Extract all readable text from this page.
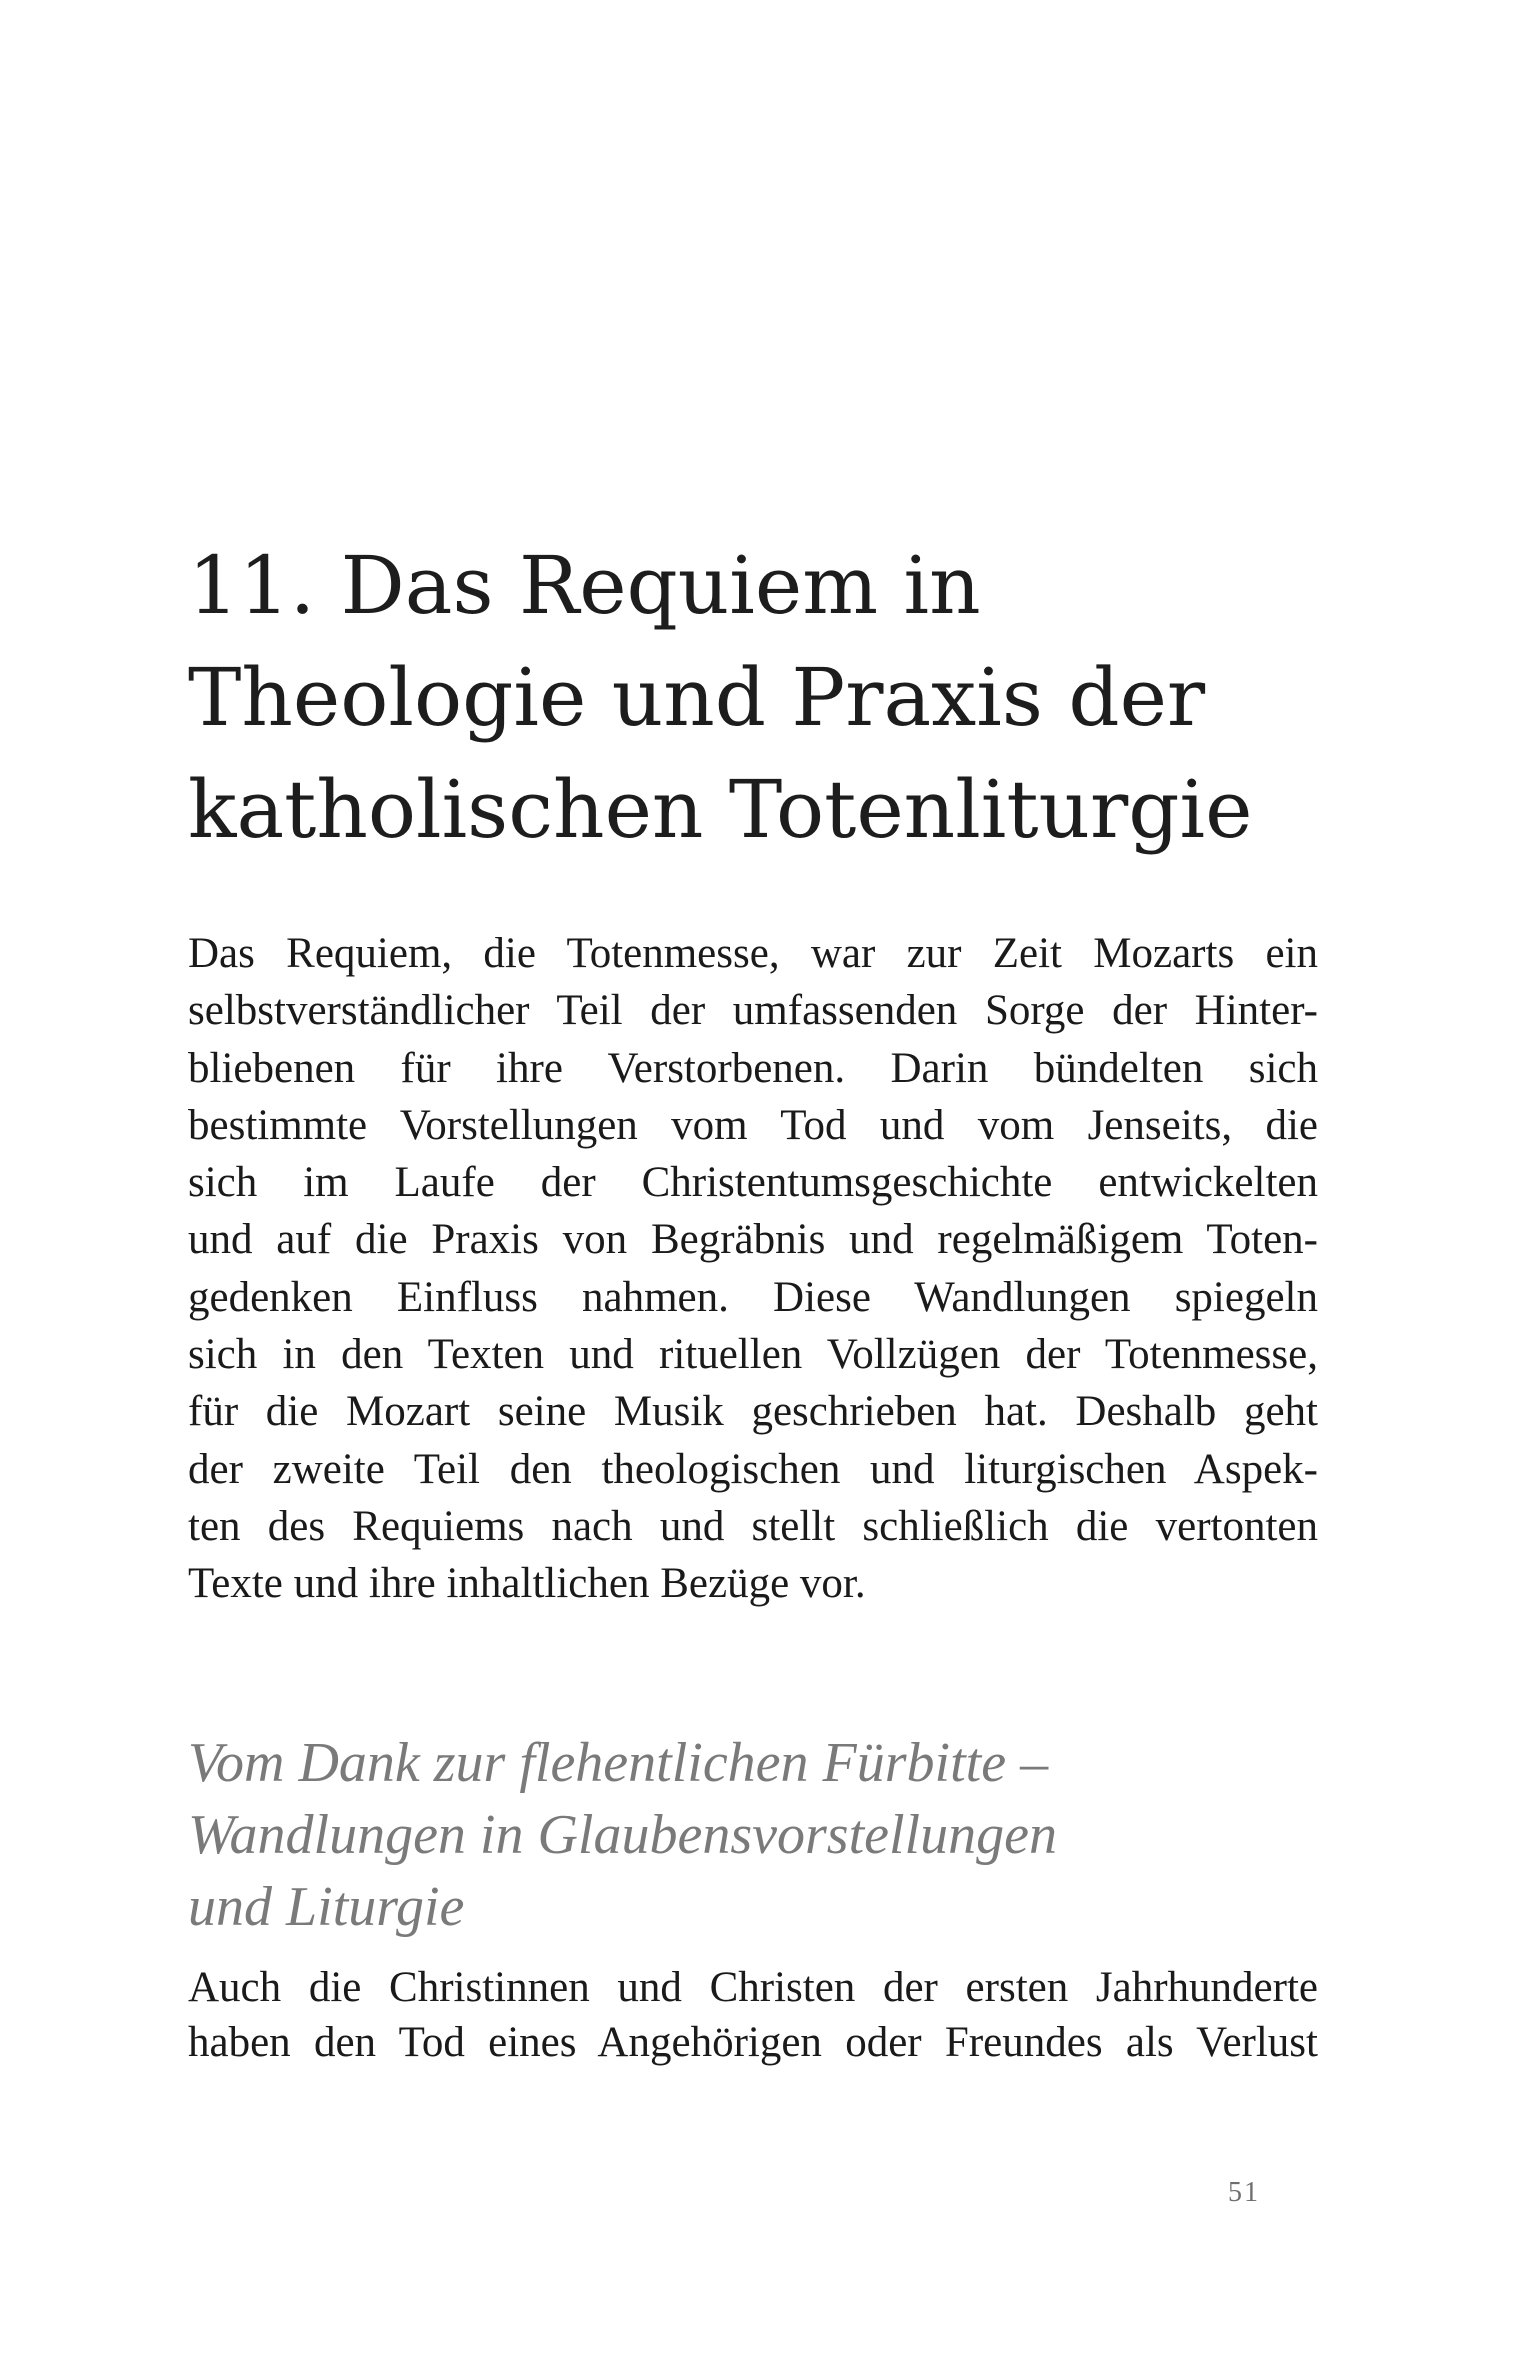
11. Das Requiem in
Theologie und Praxis der
katholischen Totenliturgie

Das Requiem, die Totenmesse, war zur Zeit Mozarts ein
selbstverständlicher Teil der umfassenden Sorge der Hinter-
bliebenen für ihre Verstorbenen. Darin bündelten sich
bestimmte Vorstellungen vom Tod und vom Jenseits, die
sich im Laufe der Christentumsgeschichte entwickelten
und auf die Praxis von Begräbnis und regelmäßigem Toten-
gedenken Einfluss nahmen. Diese Wandlungen spiegeln
sich in den Texten und rituellen Vollzügen der Totenmesse,
für die Mozart seine Musik geschrieben hat. Deshalb geht
der zweite Teil den theologischen und liturgischen Aspek-
ten des Requiems nach und stellt schließlich die vertonten
Texte und ihre inhaltlichen Bezüge vor.

Vom Dank zur flehentlichen Fürbitte –
Wandlungen in Glaubensvorstellungen
und Liturgie

Auch die Christinnen und Christen der ersten Jahrhunderte
haben den Tod eines Angehörigen oder Freundes als Verlust

51
